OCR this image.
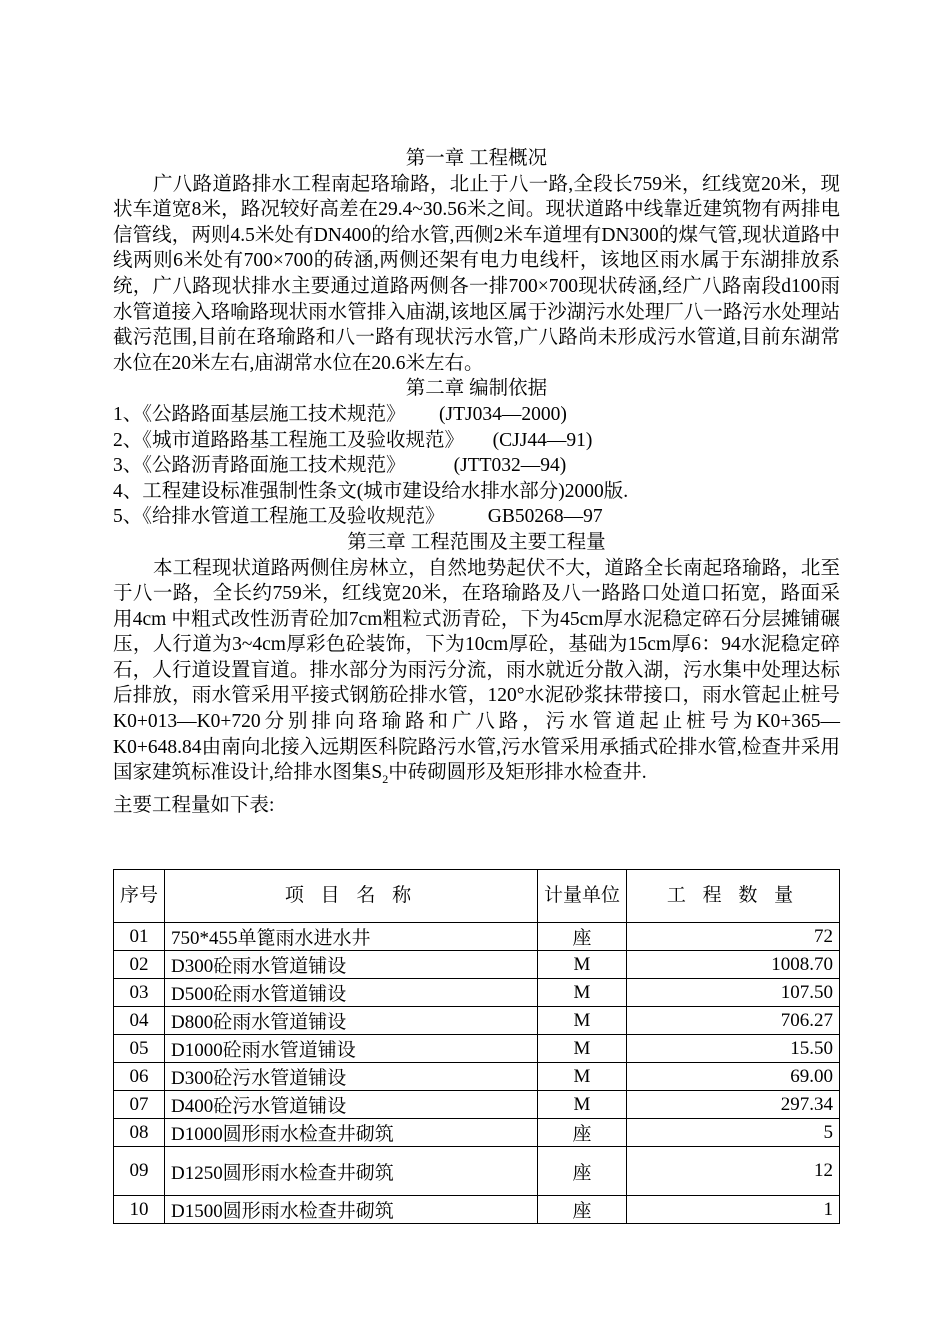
第一章 工程概况

广八路道路排水工程南起珞瑜路，北止于八一路,全段长759米，红线宽20米，现状车道宽8米，路况较好高差在29.4~30.56米之间。现状道路中线靠近建筑物有两排电信管线，两则4.5米处有DN400的给水管,西侧2米车道埋有DN300的煤气管,现状道路中线两则6米处有700×700的砖涵,两侧还架有电力电线杆，该地区雨水属于东湖排放系统，广八路现状排水主要通过道路两侧各一排700×700现状砖涵,经广八路南段d100雨水管道接入珞喻路现状雨水管排入庙湖,该地区属于沙湖污水处理厂八一路污水处理站截污范围,目前在珞瑜路和八一路有现状污水管,广八路尚未形成污水管道,目前东湖常水位在20米左右,庙湖常水位在20.6米左右。

第二章 编制依据

1、《公路路面基层施工技术规范》    (JTJ034—2000)

2、《城市道路路基工程施工及验收规范》   (CJJ44—91)

3、《公路沥青路面施工技术规范》       (JTT032—94)

4、工程建设标准强制性条文(城市建设给水排水部分)2000版.

5、《给排水管道工程施工及验收规范》      GB50268—97

第三章 工程范围及主要工程量

本工程现状道路两侧住房林立，自然地势起伏不大，道路全长南起珞瑜路，北至于八一路，全长约759米，红线宽20米，在珞瑜路及八一路路口处道口拓宽，路面采用4cm 中粗式改性沥青砼加7cm粗粒式沥青砼，下为45cm厚水泥稳定碎石分层摊铺碾压，人行道为3~4cm厚彩色砼装饰，下为10cm厚砼，基础为15cm厚6：94水泥稳定碎石，人行道设置盲道。排水部分为雨污分流，雨水就近分散入湖，污水集中处理达标后排放，雨水管采用平接式钢筋砼排水管，120°水泥砂浆抹带接口，雨水管起止桩号K0+013—K0+720分别排向珞瑜路和广八路，污水管道起止桩号为K0+365—K0+648.84由南向北接入远期医科院路污水管,污水管采用承插式砼排水管,检查井采用国家建筑标准设计,给排水图集$S_2$中砖砌圆形及矩形排水检查井.

主要工程量如下表:

序号	项 目 名 称	计量单位	工 程 数 量
01	750*455单篦雨水进水井	座	72
02	D300砼雨水管道铺设	M	1008.70
03	D500砼雨水管道铺设	M	107.50
04	D800砼雨水管道铺设	M	706.27
05	D1000砼雨水管道铺设	M	15.50
06	D300砼污水管道铺设	M	69.00
07	D400砼污水管道铺设	M	297.34
08	D1000圆形雨水检查井砌筑	座	5
09	D1250圆形雨水检查井砌筑	座	12
10	D1500圆形雨水检查井砌筑	座	1
